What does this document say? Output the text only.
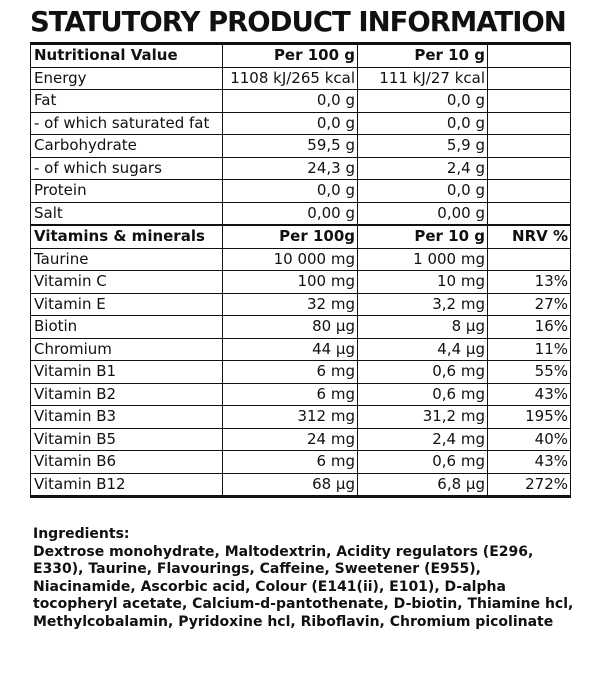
STATUTORY PRODUCT INFORMATION
Nutritional Value	Per 100 g	Per 10 g	
Energy	1108 kJ/265 kcal	111 kJ/27 kcal	
Fat	0,0 g	0,0 g	
- of which saturated fat	0,0 g	0,0 g	
Carbohydrate	59,5 g	5,9 g	
- of which sugars	24,3 g	2,4 g	
Protein	0,0 g	0,0 g	
Salt	0,00 g	0,00 g	
Vitamins & minerals	Per 100g	Per 10 g	NRV %
Taurine	10 000 mg	1 000 mg	
Vitamin C	100 mg	10 mg	13%
Vitamin E	32 mg	3,2 mg	27%
Biotin	80 µg	8 µg	16%
Chromium	44 µg	4,4 µg	11%
Vitamin B1	6 mg	0,6 mg	55%
Vitamin B2	6 mg	0,6 mg	43%
Vitamin B3	312 mg	31,2 mg	195%
Vitamin B5	24 mg	2,4 mg	40%
Vitamin B6	6 mg	0,6 mg	43%
Vitamin B12	68 µg	6,8 µg	272%
Ingredients:
Dextrose monohydrate, Maltodextrin, Acidity regulators (E296, E330), Taurine, Flavourings, Caffeine, Sweetener (E955), Niacinamide, Ascorbic acid, Colour (E141(ii), E101), D-alpha tocopheryl acetate, Calcium-d-pantothenate, D-biotin, Thiamine hcl, Methylcobalamin, Pyridoxine hcl, Riboflavin, Chromium picolinate
